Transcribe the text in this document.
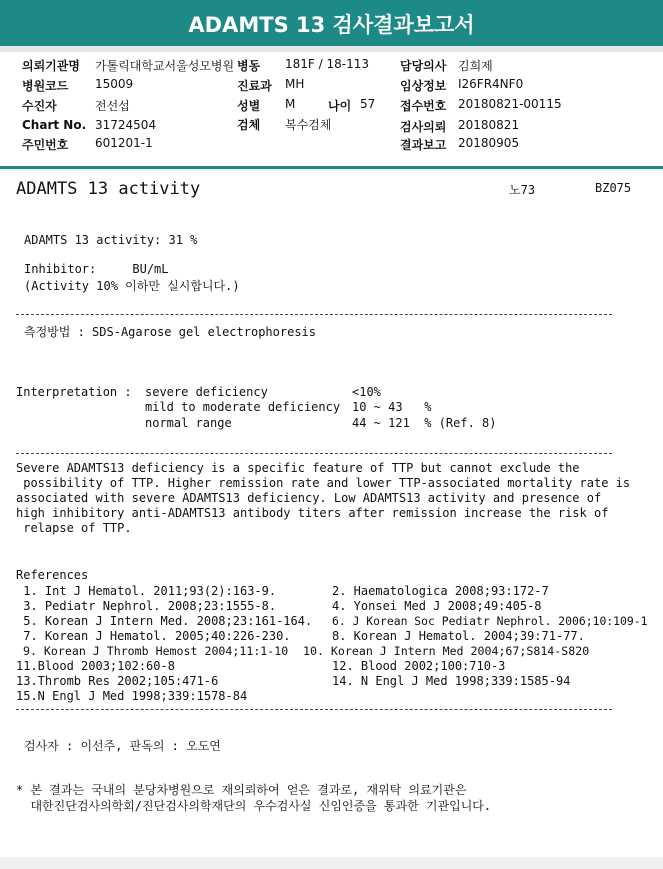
ADAMTS 13 검사결과보고서
의뢰기관명 가톨릭대학교서울성모병원 병동 181F / 18-113	담당의사 김희제
병원코드 15009	진료과 MH	임상정보 I26FR4NF0
수진자	전선섭	성별 M	나이 57 접수번호 20180821-00115
Chart No. 31724504	검체 복수검체	검사의뢰 20180821
주민번호 601201-1	결과보고 20180905
ADAMTS 13 activity	노73	BZ075
ADAMTS 13 activity: 31 %
Inhibitor:     BU/mL
(Activity 10% 이하만 실시합니다.)
측정방법 : SDS-Agarose gel electrophoresis
Interpretation : severe deficiency	<10%
mild to moderate deficiency 10 ~ 43   %
normal range	44 ~ 121  % (Ref. 8)
Severe ADAMTS13 deficiency is a specific feature of TTP but cannot exclude the
possibility of TTP. Higher remission rate and lower TTP-associated mortality rate is
associated with severe ADAMTS13 deficiency. Low ADAMTS13 activity and presence of
high inhibitory anti-ADAMTS13 antibody titers after remission increase the risk of
relapse of TTP.
References
1. Int J Hematol. 2011;93(2):163-9.	2. Haematologica 2008;93:172-7
3. Pediatr Nephrol. 2008;23:1555-8.	4. Yonsei Med J 2008;49:405-8
5. Korean J Intern Med. 2008;23:161-164. 6. J Korean Soc Pediatr Nephrol. 2006;10:109-1
7. Korean J Hematol. 2005;40:226-230.	8. Korean J Hematol. 2004;39:71-77.
9. Korean J Thromb Hemost 2004;11:1-10 10. Korean J Intern Med 2004;67;S814-S820
11.Blood 2003;102:60-8	12. Blood 2002;100:710-3
13.Thromb Res 2002;105:471-6	14. N Engl J Med 1998;339:1585-94
15.N Engl J Med 1998;339:1578-84
검사자 : 이선주, 판독의 : 오도연
* 본 결과는 국내의 분당차병원으로 재의뢰하여 얻은 결과로, 재위탁 의료기관은
대한진단검사의학회/진단검사의학재단의 우수검사실 신임인증을 통과한 기관입니다.
